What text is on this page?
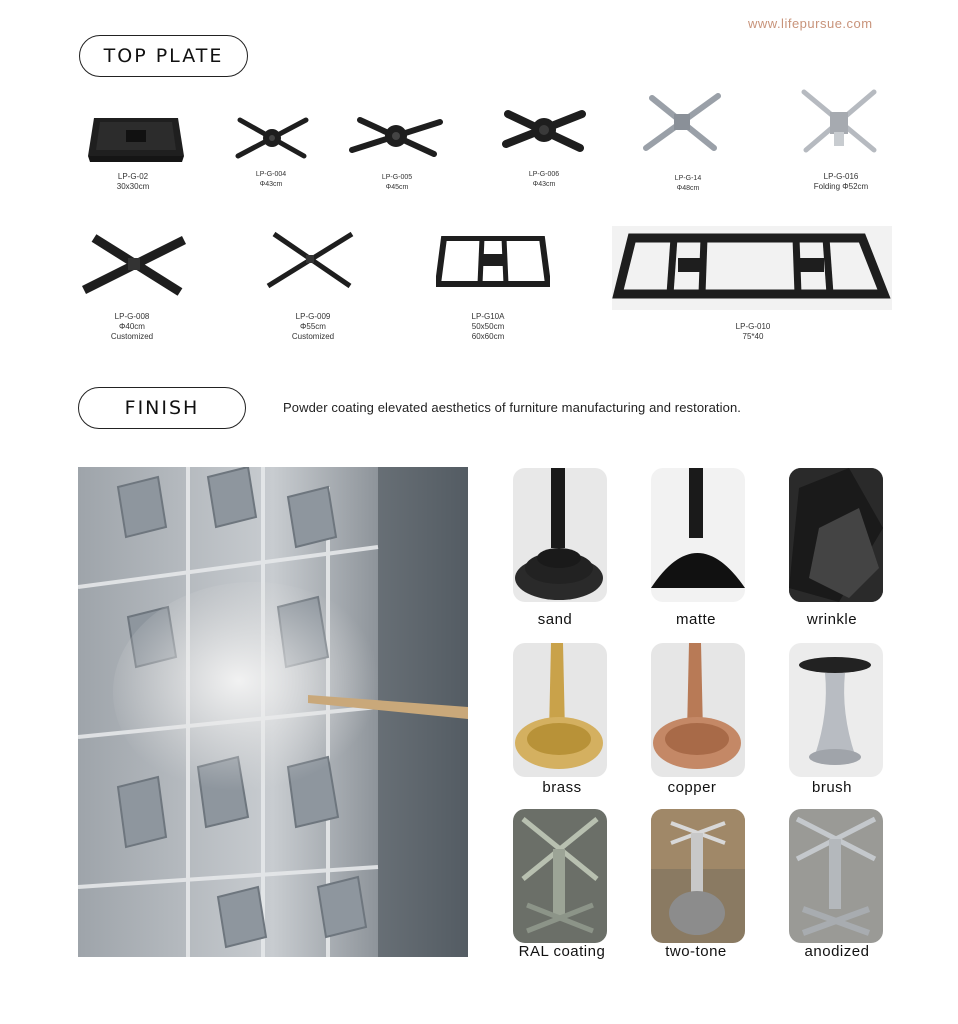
www.lifepursue.com
TOP PLATE
LP-G-02
30x30cm
LP-G-004
Φ43cm
LP-G-005
Φ45cm
LP-G-006
Φ43cm
LP-G-14
Φ48cm
LP-G-016
Folding Φ52cm
LP-G-008
Φ40cm
Customized
LP-G-009
Φ55cm
Customized
LP-G10A
50x50cm
60x60cm
LP-G-010
75*40
FINISH	Powder coating elevated aesthetics of furniture manufacturing and restoration.
sand	matte	wrinkle
brass	copper	brush
RAL coating	two-tone	anodized
